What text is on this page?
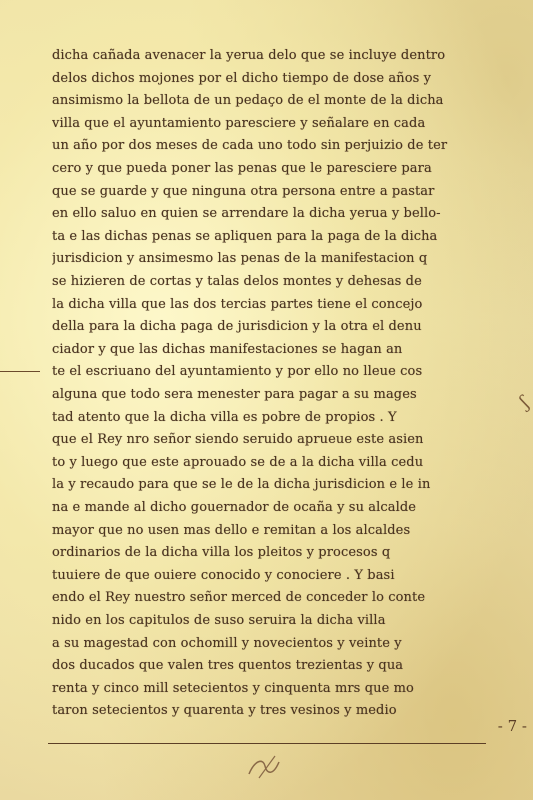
dicha cañada avenacer la yerua delo que se incluye dentro
delos dichos mojones por el dicho tiempo de dose años y
ansimismo la bellota de un pedaço de el monte de la dicha
villa que el ayuntamiento paresciere y señalare en cada
un año por dos meses de cada uno todo sin perjuizio de ter
cero y que pueda poner las penas que le paresciere para
que se guarde y que ninguna otra persona entre a pastar
en ello saluo en quien se arrendare la dicha yerua y bello-
ta e las dichas penas se apliquen para la paga de la dicha
jurisdicion y ansimesmo las penas de la manifestacion q
se hizieren de cortas y talas delos montes y dehesas de
la dicha villa que las dos tercias partes tiene el concejo
della para la dicha paga de jurisdicion y la otra el denu
ciador y que las dichas manifestaciones se hagan an
te el escriuano del ayuntamiento y por ello no lleue cos
alguna que todo sera menester para pagar a su mages
tad atento que la dicha villa es pobre de propios . Y
que el Rey nro señor siendo seruido aprueue este asien
to y luego que este aprouado se de a la dicha villa cedu
la y recaudo para que se le de la dicha jurisdicion e le in
na e mande al dicho gouernador de ocaña y su alcalde
mayor que no usen mas dello e remitan a los alcaldes
ordinarios de la dicha villa los pleitos y procesos q
tuuiere de que ouiere conocido y conociere . Y basi
endo el Rey nuestro señor merced de conceder lo conte
nido en los capitulos de suso seruira la dicha villa
a su magestad con ochomill y novecientos y veinte y
dos ducados que valen tres quentos trezientas y qua
renta y cinco mill setecientos y cinquenta mrs que mo
taron setecientos y quarenta y tres vesinos y medio
ʃ
- 7 -
